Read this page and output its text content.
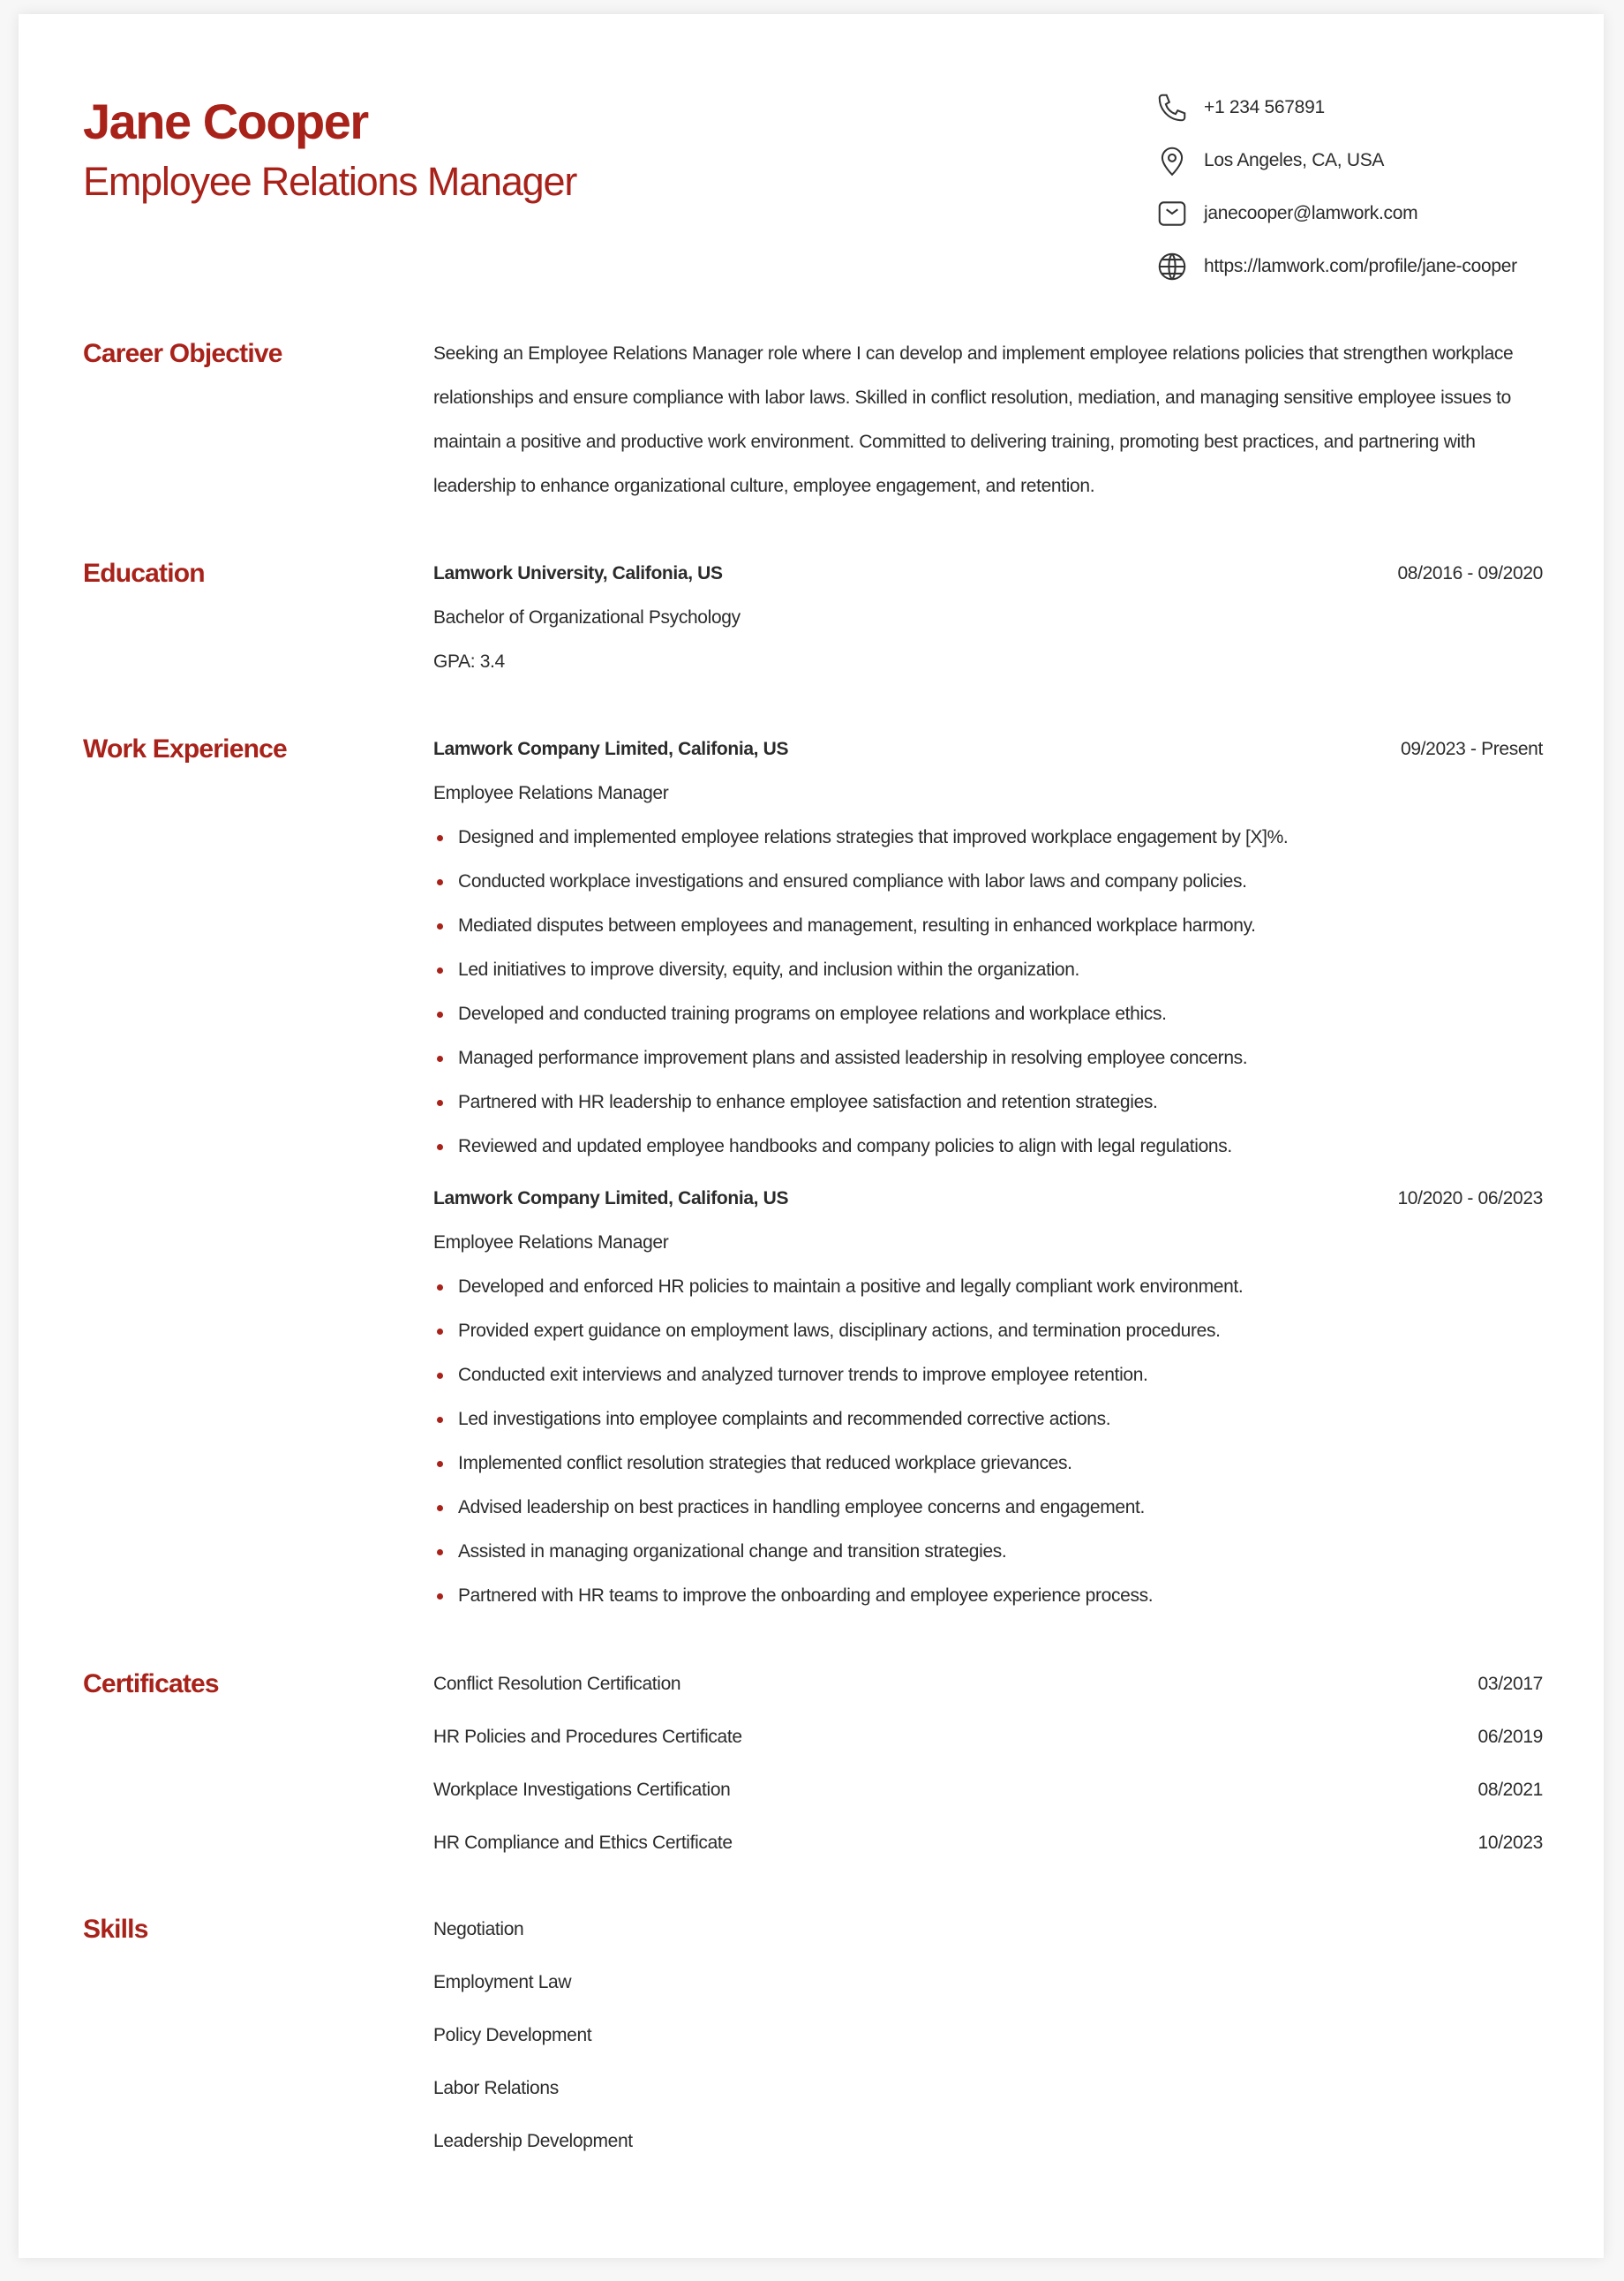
Jane Cooper
Employee Relations Manager
+1 234 567891
Los Angeles, CA, USA
janecooper@lamwork.com
https://lamwork.com/profile/jane-cooper
Career Objective	Seeking an Employee Relations Manager role where I can develop and implement employee relations policies that strengthen workplace relationships and ensure compliance with labor laws. Skilled in conflict resolution, mediation, and managing sensitive employee issues to maintain a positive and productive work environment. Committed to delivering training, promoting best practices, and partnering with leadership to enhance organizational culture, employee engagement, and retention.

Education	Lamwork University, Califonia, US	08/2016 - 09/2020
Bachelor of Organizational Psychology
GPA: 3.4
Work Experience	Lamwork Company Limited, Califonia, US	09/2023 - Present
Employee Relations Manager
Designed and implemented employee relations strategies that improved workplace engagement by [X]%.
Conducted workplace investigations and ensured compliance with labor laws and company policies.
Mediated disputes between employees and management, resulting in enhanced workplace harmony.
Led initiatives to improve diversity, equity, and inclusion within the organization.
Developed and conducted training programs on employee relations and workplace ethics.
Managed performance improvement plans and assisted leadership in resolving employee concerns.
Partnered with HR leadership to enhance employee satisfaction and retention strategies.
Reviewed and updated employee handbooks and company policies to align with legal regulations.
Lamwork Company Limited, Califonia, US	10/2020 - 06/2023
Employee Relations Manager
Developed and enforced HR policies to maintain a positive and legally compliant work environment.
Provided expert guidance on employment laws, disciplinary actions, and termination procedures.
Conducted exit interviews and analyzed turnover trends to improve employee retention.
Led investigations into employee complaints and recommended corrective actions.
Implemented conflict resolution strategies that reduced workplace grievances.
Advised leadership on best practices in handling employee concerns and engagement.
Assisted in managing organizational change and transition strategies.
Partnered with HR teams to improve the onboarding and employee experience process.
Certificates	Conflict Resolution Certification	03/2017
HR Policies and Procedures Certificate	06/2019
Workplace Investigations Certification	08/2021
HR Compliance and Ethics Certificate	10/2023
Skills	Negotiation
Employment Law
Policy Development
Labor Relations
Leadership Development
